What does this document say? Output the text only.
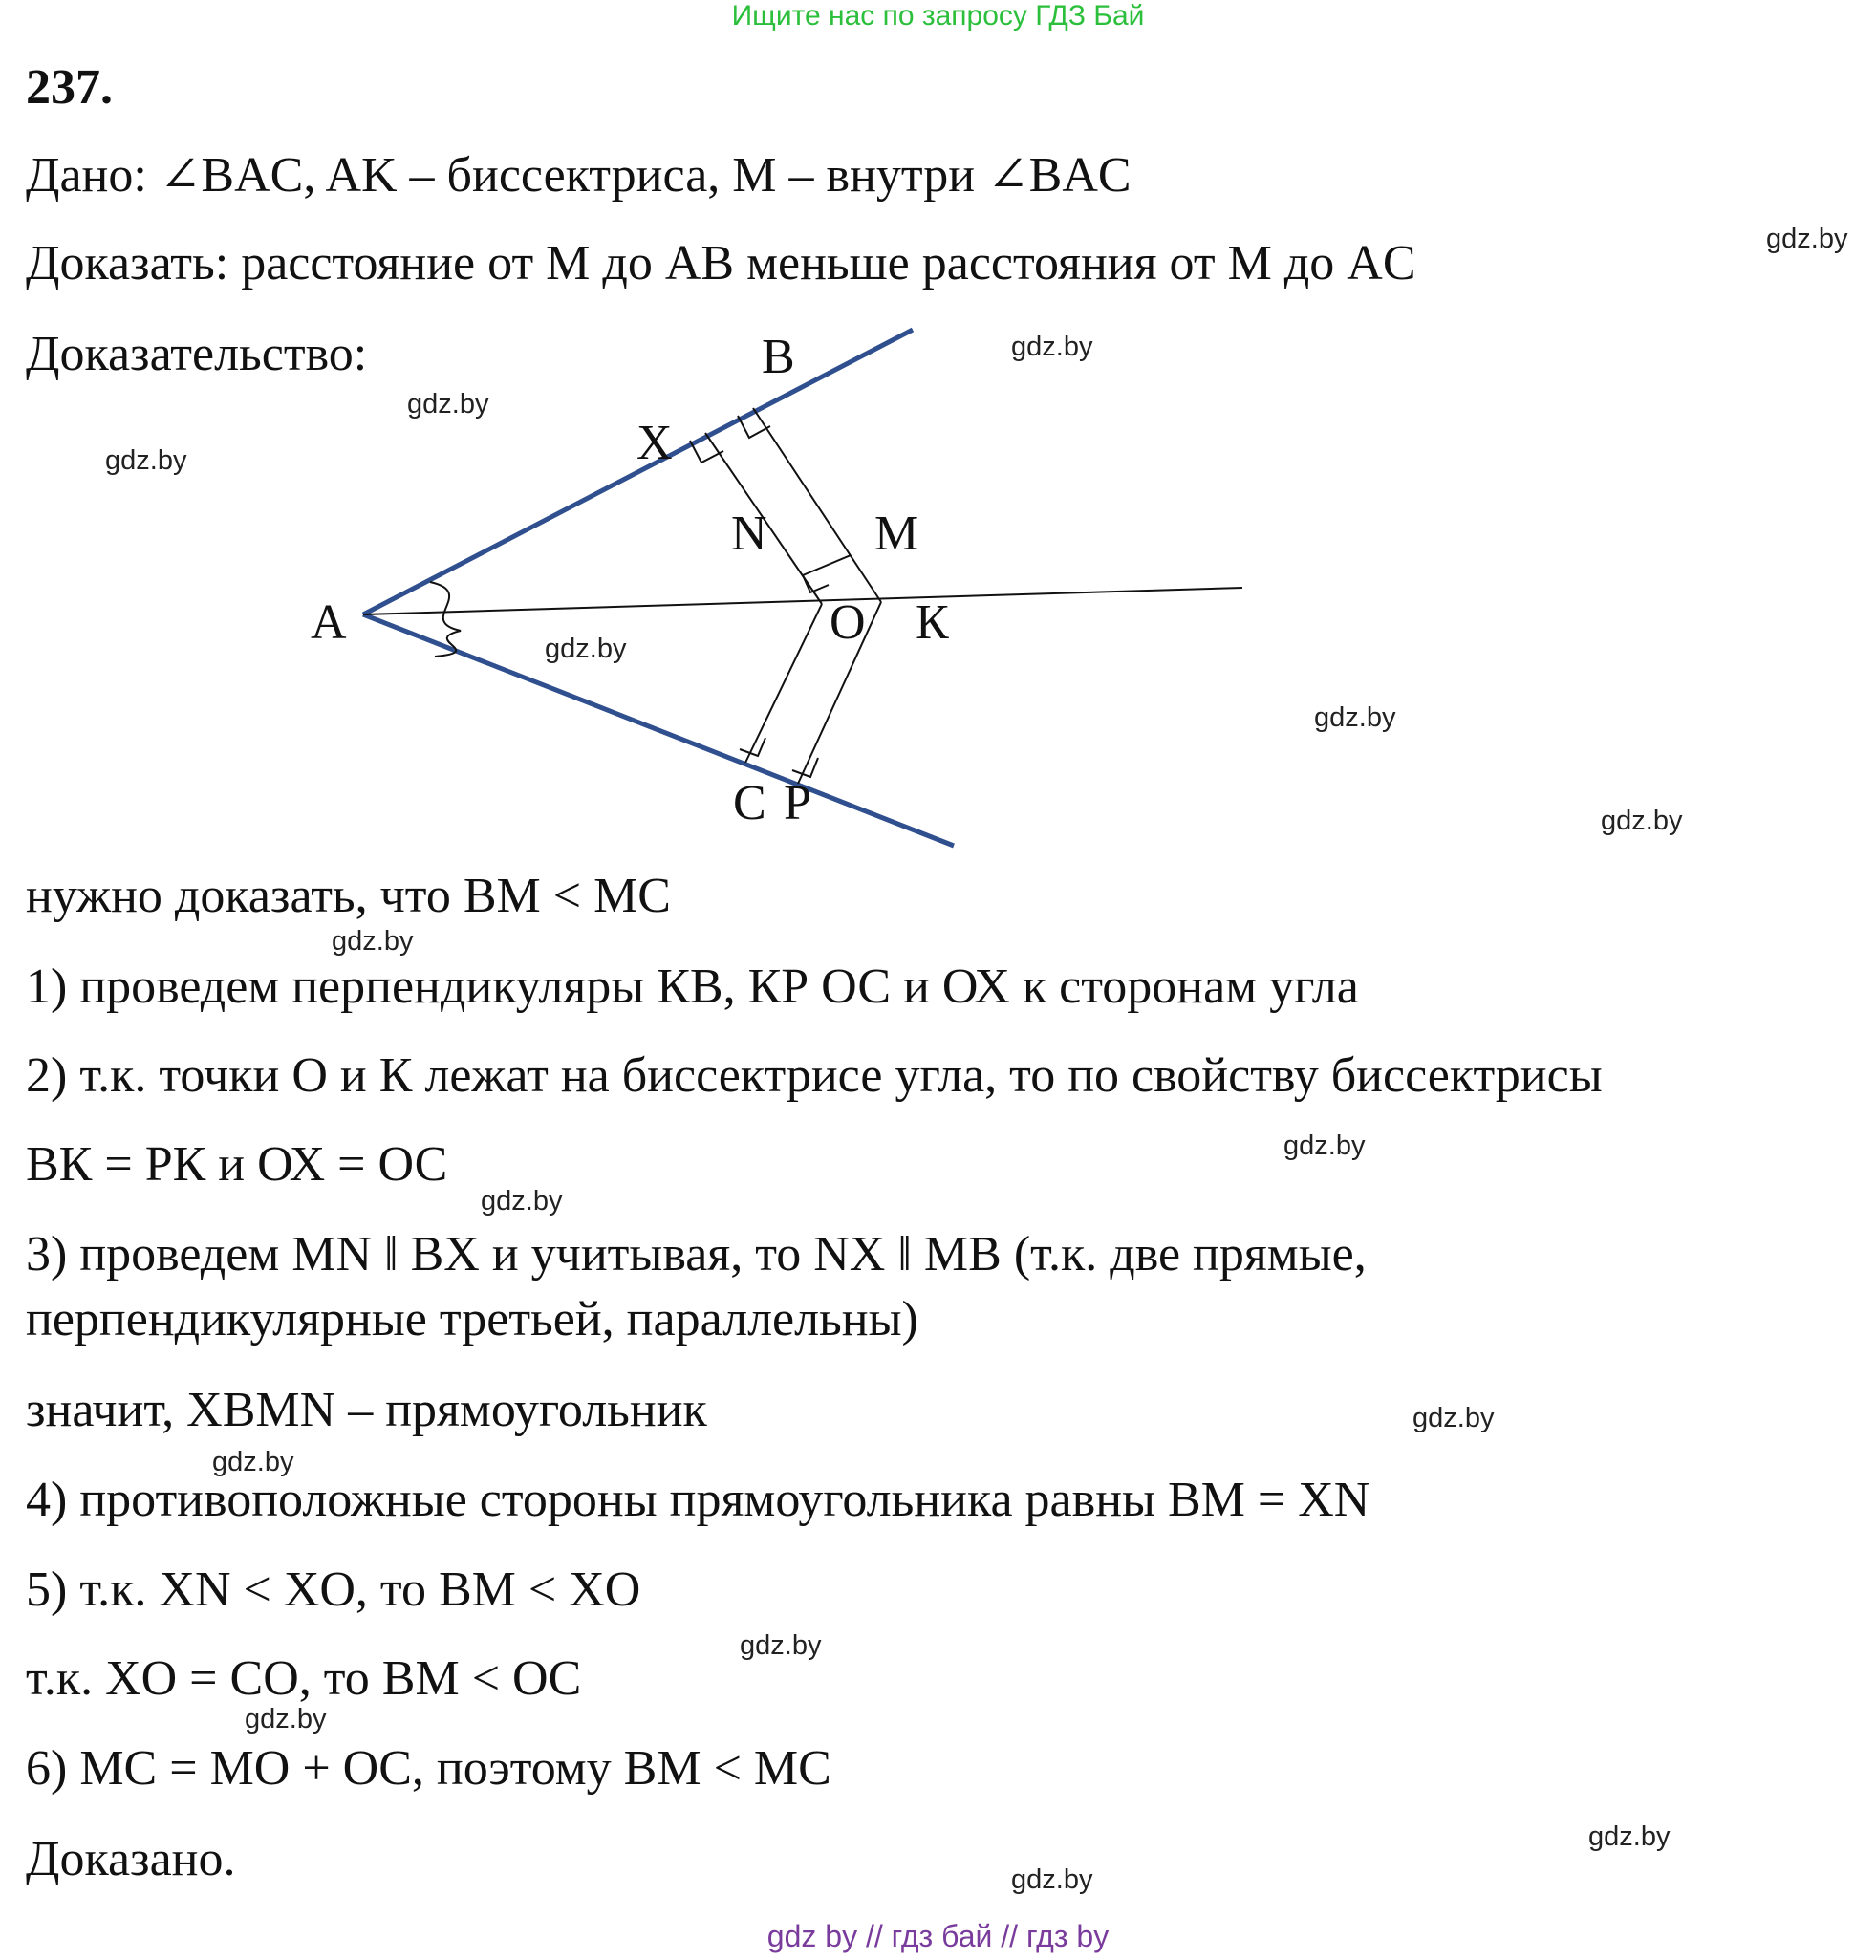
Ищите нас по запросу ГДЗ Бай
237.
Дано: ∠BAC, AK – биссектриса, M – внутри ∠BAC
Доказать: расстояние от M до AB меньше расстояния от M до AC
Доказательство:	B
X
N M
A	O К
C P
нужно доказать, что BM < MC
1) проведем перпендикуляры КВ, КР ОС и ОХ к сторонам угла
2) т.к. точки О и К лежат на биссектрисе угла, то по свойству биссектрисы
ВК = РК и ОХ = ОС
3) проведем MN ‖ BX и учитывая, то NX ‖ MB (т.к. две прямые,
перпендикулярные третьей, параллельны)
значит, XBMN – прямоугольник
4) противоположные стороны прямоугольника равны BM = XN
5) т.к. XN < XO, то BM < XO
т.к. XO = CO, то BM < OC
6) MC = MO + OC, поэтому BM < MC
Доказано.
gdz.by
gdz.by
gdz.by
gdz.by
gdz.by
gdz.by
gdz.by
gdz.by
gdz.by
gdz.by
gdz.by
gdz.by
gdz.by
gdz.by
gdz.by
gdz.by
gdz by // гдз бай // гдз by
